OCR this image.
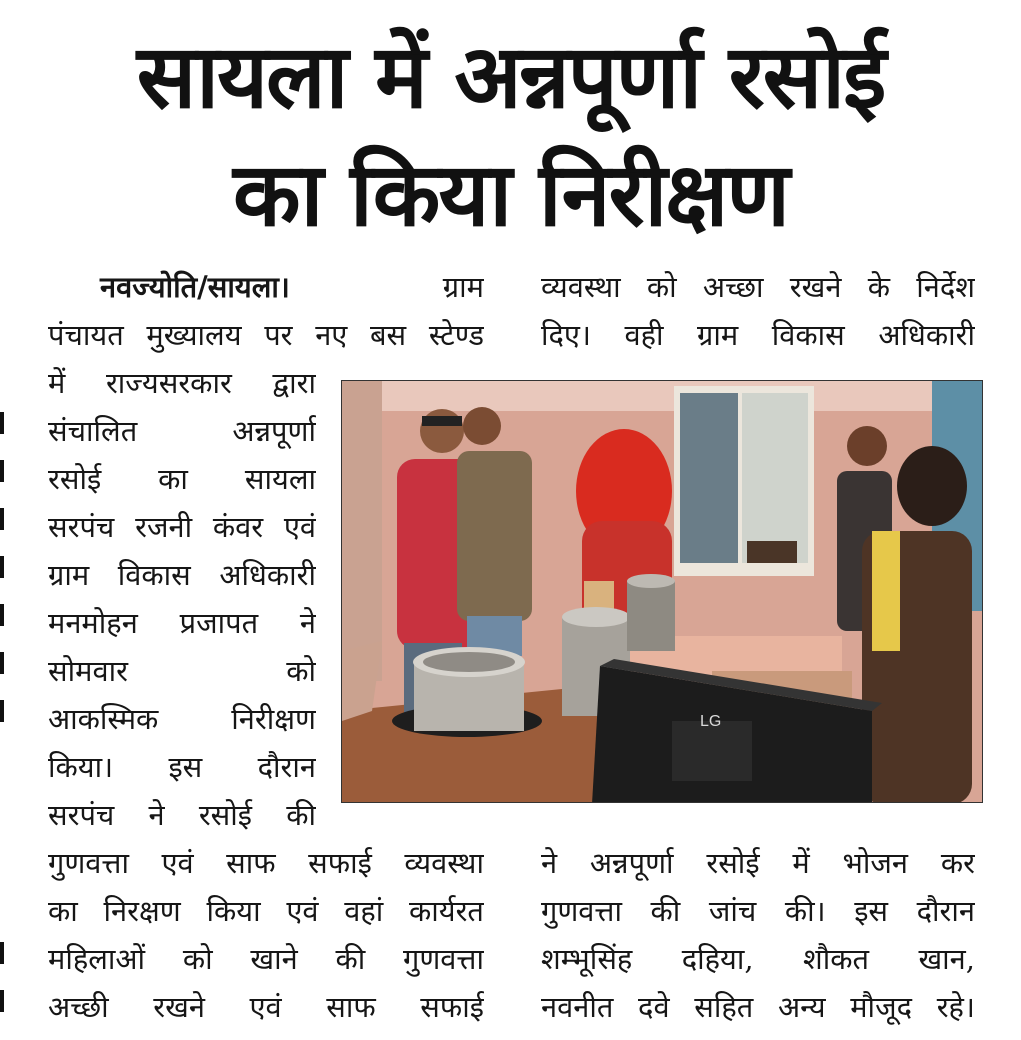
सायला में अन्नपूर्णा रसोई
का किया निरीक्षण
नवज्योति/सायला।	ग्राम
पंचायत मुख्यालय पर नए बस स्टेण्ड
में राज्यसरकार द्वारा
संचालित	अन्नपूर्णा
रसोई का सायला
सरपंच रजनी कंवर एवं
ग्राम विकास अधिकारी
मनमोहन प्रजापत ने
सोमवार	को
आकस्मिक	निरीक्षण
किया। इस दौरान
सरपंच ने रसोई की
गुणवत्ता एवं साफ सफाई व्यवस्था
का निरक्षण किया एवं वहां कार्यरत
महिलाओं को खाने की गुणवत्ता
अच्छी रखने एवं साफ सफाई
व्यवस्था को अच्छा रखने के निर्देश
दिए। वही ग्राम विकास अधिकारी
LG
ने अन्नपूर्णा रसोई में भोजन कर
गुणवत्ता की जांच की। इस दौरान
शम्भूसिंह दहिया, शौकत खान,
नवनीत दवे सहित अन्य मौजूद रहे।
